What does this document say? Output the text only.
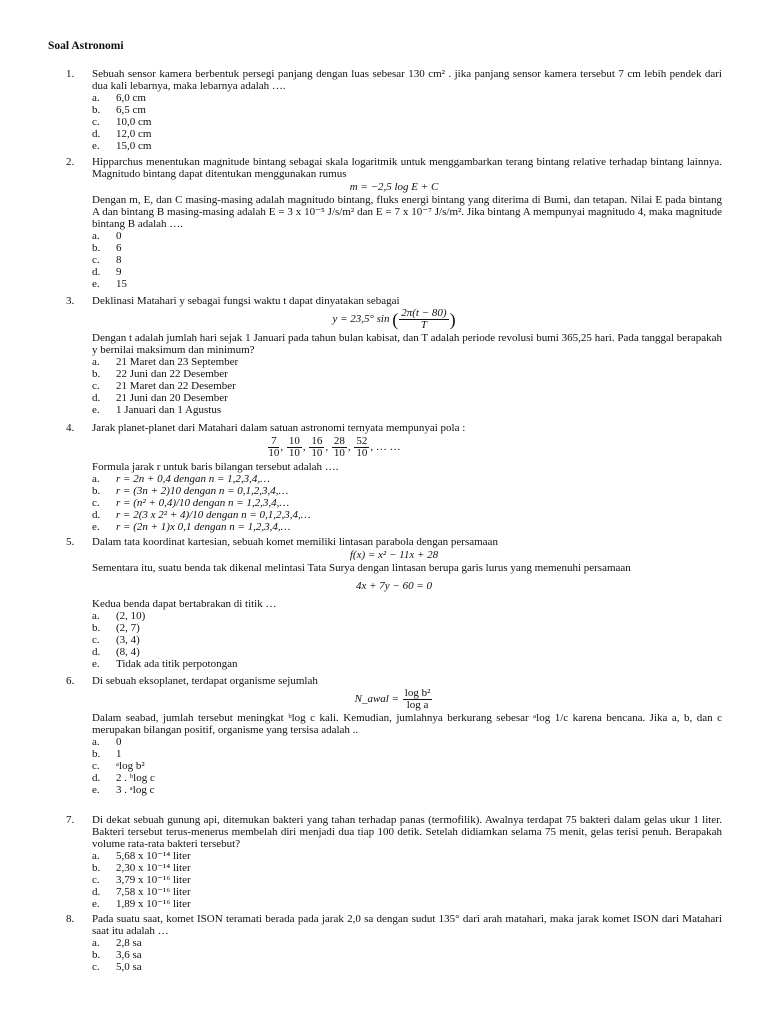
Soal Astronomi
1.	Sebuah sensor kamera berbentuk persegi panjang dengan luas sebesar 130 cm² . jika panjang sensor kamera tersebut 7 cm lebih pendek dari dua kali lebarnya, maka lebarnya adalah ….
a.	6,0 cm
b.	6,5 cm
c.	10,0 cm
d.	12,0 cm
e.	15,0 cm
2.	Hipparchus menentukan magnitude bintang sebagai skala logaritmik untuk menggambarkan terang bintang relative terhadap bintang lainnya. Magnitudo bintang dapat ditentukan menggunakan rumus
m = −2,5 log E + C
Dengan m, E, dan C masing-masing adalah magnitudo bintang, fluks energi bintang yang diterima di Bumi, dan tetapan. Nilai E pada bintang A dan bintang B masing-masing adalah E = 3 x 10⁻⁵ J/s/m² dan E = 7 x 10⁻⁷ J/s/m². Jika bintang A mempunyai magnitudo 4, maka magnitude bintang B adalah ….
a.	0
b.	6
c.	8
d.	9
e.	15
3.	Deklinasi Matahari y sebagai fungsi waktu t dapat dinyatakan sebagai
y = 23,5° sin ( $\frac{2\pi(t - 80)}{T}$ )
Dengan t adalah jumlah hari sejak 1 Januari pada tahun bulan kabisat, dan T adalah periode revolusi bumi 365,25 hari. Pada tanggal berapakah y bernilai maksimum dan minimum?
a.	21 Maret dan 23 September
b.	22 Juni dan 22 Desember
c.	21 Maret dan 22 Desember
d.	21 Juni dan 20 Desember
e.	1 Januari dan 1 Agustus
4.	Jarak planet-planet dari Matahari dalam satuan astronomi ternyata mempunyai pola :
$\frac{7}{10}$ , $\frac{10}{10}$ , $\frac{16}{10}$ , $\frac{28}{10}$ , $\frac{52}{10}$ , … …
Formula jarak r untuk baris bilangan tersebut adalah ….
a.	r = 2n + 0,4 dengan n = 1,2,3,4,…
b.	r = (3n + 2)10 dengan n = 0,1,2,3,4,…
c.	r = (n² + 0,4)/10 dengan n = 1,2,3,4,…
d.	r = 2(3 x 2² + 4)/10 dengan n = 0,1,2,3,4,…
e.	r = (2n + 1)x 0,1 dengan n = 1,2,3,4,…
5.	Dalam tata koordinat kartesian, sebuah komet memiliki lintasan parabola dengan persamaan
f(x) = x² − 11x + 28
Sementara itu, suatu benda tak dikenal melintasi Tata Surya dengan lintasan berupa garis lurus yang memenuhi persamaan
4x + 7y − 60 = 0
Kedua benda dapat bertabrakan di titik …
a.	(2, 10)
b.	(2, 7)
c.	(3, 4)
d.	(8, 4)
e.	Tidak ada titik perpotongan
6.	Di sebuah eksoplanet, terdapat organisme sejumlah
N_awal = $\frac{\text{log b²}}{\text{log a}}$
Dalam seabad, jumlah tersebut meningkat ᵇlog c kali. Kemudian, jumlahnya berkurang sebesar ᵃlog 1/c karena bencana. Jika a, b, dan c merupakan bilangan positif, organisme yang tersisa adalah ..
a.	0
b.	1
c.	ᵃlog b²
d.	2 . ᵇlog c
e.	3 . ᵃlog c
7.	Di dekat sebuah gunung api, ditemukan bakteri yang tahan terhadap panas (termofilik). Awalnya terdapat 75 bakteri dalam gelas ukur 1 liter. Bakteri tersebut terus-menerus membelah diri menjadi dua tiap 100 detik. Setelah didiamkan selama 75 menit, gelas terisi penuh. Berapakah volume rata-rata bakteri tersebut?
a.	5,68 x 10⁻¹⁴ liter
b.	2,30 x 10⁻¹⁴ liter
c.	3,79 x 10⁻¹⁶ liter
d.	7,58 x 10⁻¹⁶ liter
e.	1,89 x 10⁻¹⁶ liter
8.	Pada suatu saat, komet ISON teramati berada pada jarak 2,0 sa dengan sudut 135° dari arah matahari, maka jarak komet ISON dari Matahari saat itu adalah …
a.	2,8 sa
b.	3,6 sa
c.	5,0 sa
